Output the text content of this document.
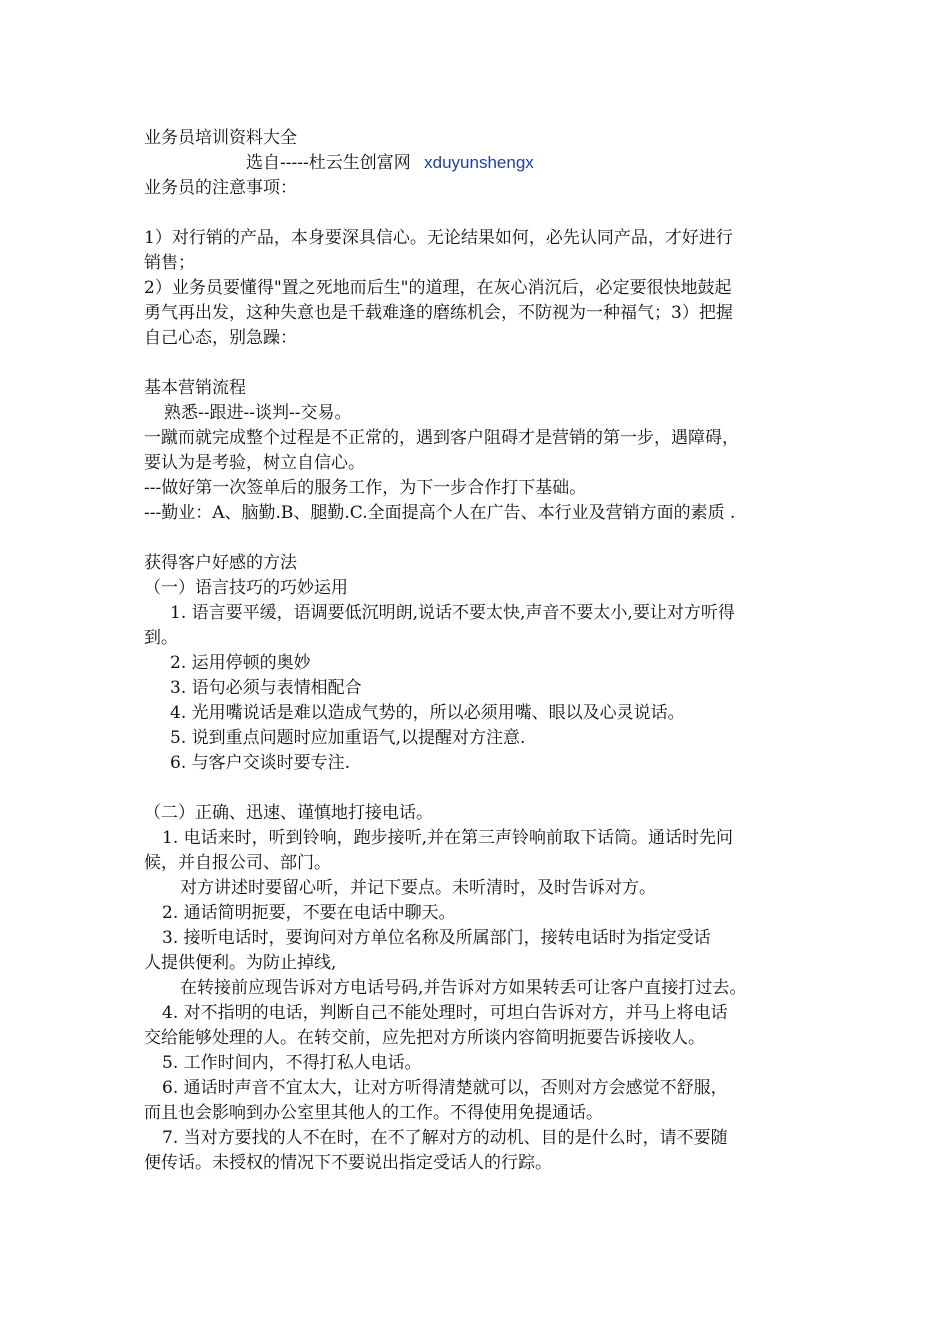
业务员培训资料大全
选自-----杜云生创富网 xduyunshengx
业务员的注意事项：
1）对行销的产品，本身要深具信心。无论结果如何，必先认同产品，才好进行
销售；
2）业务员要懂得"置之死地而后生"的道理，在灰心消沉后，必定要很快地鼓起
勇气再出发，这种失意也是千载难逢的磨练机会，不防视为一种福气；3）把握
自己心态，别急躁：
基本营销流程
熟悉--跟进--谈判--交易。
一蹴而就完成整个过程是不正常的，遇到客户阻碍才是营销的第一步，遇障碍，
要认为是考验，树立自信心。
---做好第一次签单后的服务工作，为下一步合作打下基础。
---勤业：A、脑勤.B、腿勤.C.全面提高个人在广告、本行业及营销方面的素质 .
获得客户好感的方法
（一）语言技巧的巧妙运用
1. 语言要平缓，语调要低沉明朗,说话不要太快,声音不要太小,要让对方听得
到。
2. 运用停顿的奥妙
3. 语句必须与表情相配合
4. 光用嘴说话是难以造成气势的，所以必须用嘴、眼以及心灵说话。
5. 说到重点问题时应加重语气,以提醒对方注意.
6. 与客户交谈时要专注.
（二）正确、迅速、谨慎地打接电话。
1. 电话来时，听到铃响，跑步接听,并在第三声铃响前取下话筒。通话时先问
候，并自报公司、部门。
对方讲述时要留心听，并记下要点。未听清时，及时告诉对方。
2. 通话简明扼要，不要在电话中聊天。
3. 接听电话时，要询问对方单位名称及所属部门，接转电话时为指定受话
人提供便利。为防止掉线,
在转接前应现告诉对方电话号码,并告诉对方如果转丢可让客户直接打过去。
4. 对不指明的电话，判断自己不能处理时，可坦白告诉对方，并马上将电话
交给能够处理的人。在转交前，应先把对方所谈内容简明扼要告诉接收人。
5. 工作时间内，不得打私人电话。
6. 通话时声音不宜太大，让对方听得清楚就可以，否则对方会感觉不舒服，
而且也会影响到办公室里其他人的工作。不得使用免提通话。
7. 当对方要找的人不在时，在不了解对方的动机、目的是什么时，请不要随
便传话。未授权的情况下不要说出指定受话人的行踪。
